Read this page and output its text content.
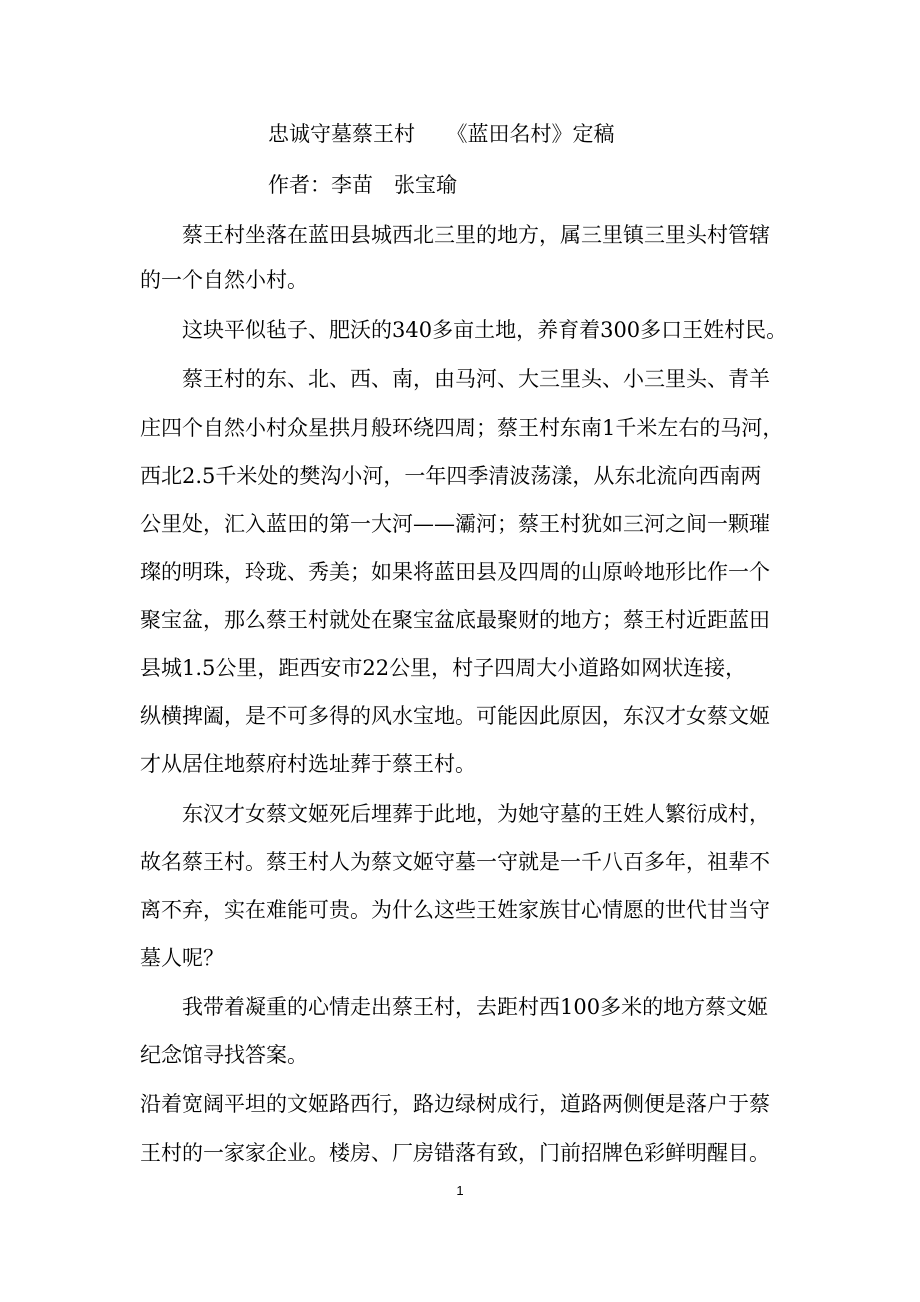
忠诚守墓蔡王村　　《蓝田名村》定稿
作者：李苗　张宝瑜
　　蔡王村坐落在蓝田县城西北三里的地方，属三里镇三里头村管辖
的一个自然小村。
　　这块平似毡子、肥沃的340多亩土地，养育着300多口王姓村民。
　　蔡王村的东、北、西、南，由马河、大三里头、小三里头、青羊
庄四个自然小村众星拱月般环绕四周；蔡王村东南1千米左右的马河，
西北2.5千米处的樊沟小河，一年四季清波荡漾，从东北流向西南两
公里处，汇入蓝田的第一大河——灞河；蔡王村犹如三河之间一颗璀
璨的明珠，玲珑、秀美；如果将蓝田县及四周的山原岭地形比作一个
聚宝盆，那么蔡王村就处在聚宝盆底最聚财的地方；蔡王村近距蓝田
县城1.5公里，距西安市22公里，村子四周大小道路如网状连接，
纵横捭阖，是不可多得的风水宝地。可能因此原因，东汉才女蔡文姬
才从居住地蔡府村选址葬于蔡王村。
　　东汉才女蔡文姬死后埋葬于此地，为她守墓的王姓人繁衍成村，
故名蔡王村。蔡王村人为蔡文姬守墓一守就是一千八百多年，祖辈不
离不弃，实在难能可贵。为什么这些王姓家族甘心情愿的世代甘当守
墓人呢？
　　我带着凝重的心情走出蔡王村，去距村西100多米的地方蔡文姬
纪念馆寻找答案。
沿着宽阔平坦的文姬路西行，路边绿树成行，道路两侧便是落户于蔡
王村的一家家企业。楼房、厂房错落有致，门前招牌色彩鲜明醒目。
1
